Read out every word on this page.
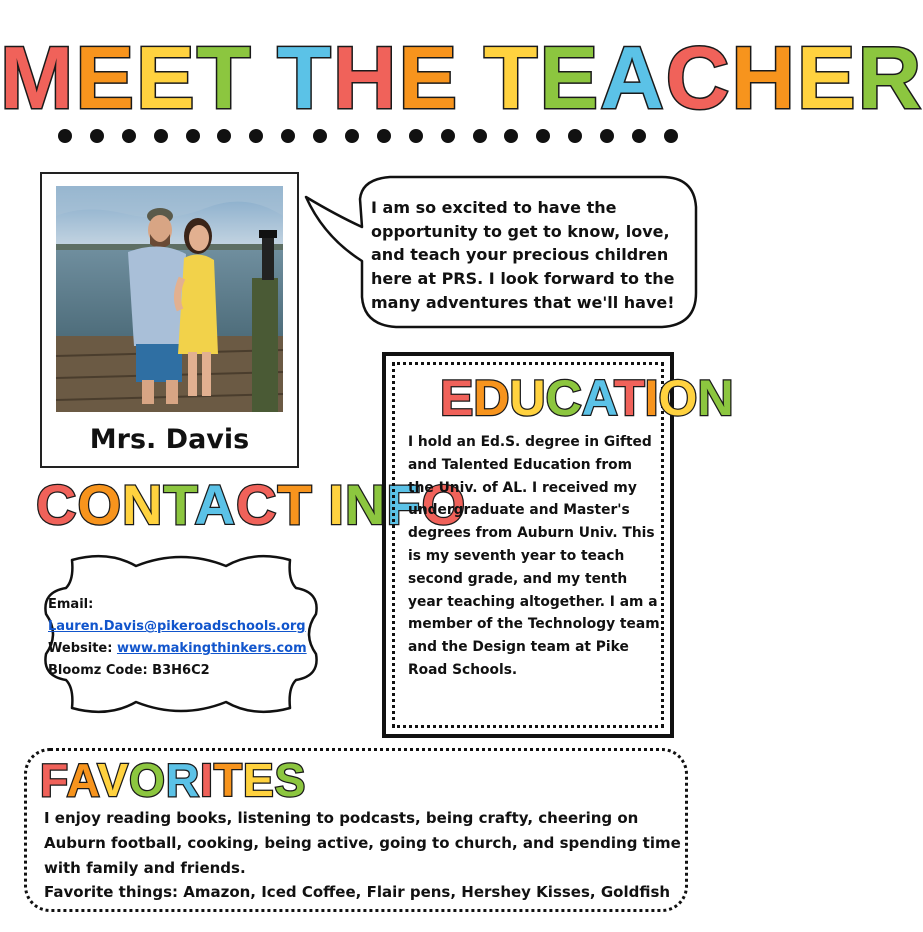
MEET THE TEACHER
Mrs. Davis
I am so excited to have the opportunity to get to know, love, and teach your precious children here at PRS. I look forward to the many adventures that we'll have!
CONTACT INFO
Email:
Lauren.Davis@pikeroadschools.org
Website: www.makingthinkers.com
Bloomz Code: B3H6C2
EDUCATION
I hold an Ed.S. degree in Gifted and Talented Education from the Univ. of AL. I received my undergraduate and Master's degrees from Auburn Univ. This is my seventh year to teach second grade, and my tenth year teaching altogether. I am a member of the Technology team and the Design team at Pike Road Schools.
FAVORITES
I enjoy reading books, listening to podcasts, being crafty, cheering on Auburn football, cooking, being active, going to church, and spending time with family and friends.
Favorite things: Amazon, Iced Coffee, Flair pens, Hershey Kisses, Goldfish
